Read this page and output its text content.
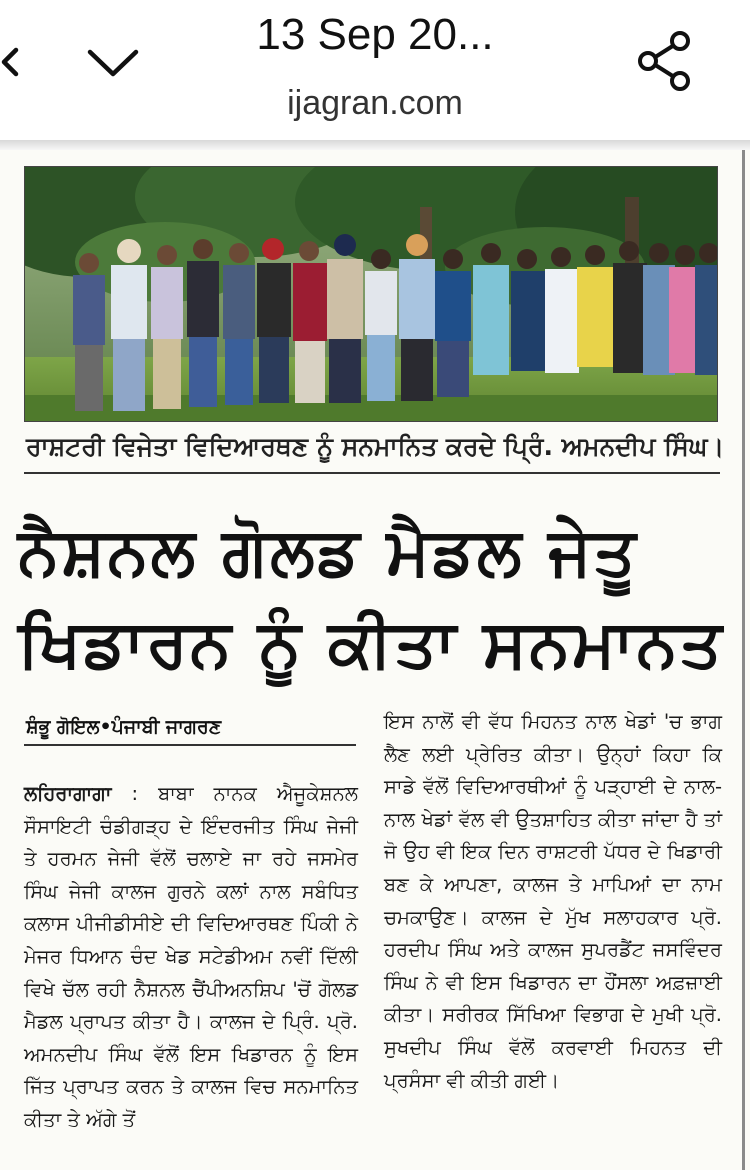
13 Sep 20...
ijagran.com
ਰਾਸ਼ਟਰੀ ਵਿਜੇਤਾ ਵਿਦਿਆਰਥਣ ਨੂੰ ਸਨਮਾਨਿਤ ਕਰਦੇ ਪ੍ਰਿੰ. ਅਮਨਦੀਪ ਸਿੰਘ।
ਨੈਸ਼ਨਲ ਗੋਲਡ ਮੈਡਲ ਜੇਤੂ
ਖਿਡਾਰਨ ਨੂੰ ਕੀਤਾ ਸਨਮਾਨਤ
ਸ਼ੰਭੂ ਗੋਇਲ•ਪੰਜਾਬੀ ਜਾਗਰਣ

ਲਹਿਰਾਗਾਗਾ : ਬਾਬਾ ਨਾਨਕ ਐਜੂਕੇਸ਼ਨਲ ਸੌਸਾਇਟੀ ਚੰਡੀਗੜ੍ਹ ਦੇ ਇੰਦਰਜੀਤ ਸਿੰਘ ਜੇਜੀ ਤੇ ਹਰਮਨ ਜੇਜੀ ਵੱਲੋਂ ਚਲਾਏ ਜਾ ਰਹੇ ਜਸਮੇਰ ਸਿੰਘ ਜੇਜੀ ਕਾਲਜ ਗੁਰਨੇ ਕਲਾਂ ਨਾਲ ਸਬੰਧਿਤ ਕਲਾਸ ਪੀਜੀਡੀਸੀਏ ਦੀ ਵਿਦਿਆਰਥਣ ਪਿੰਕੀ ਨੇ ਮੇਜਰ ਧਿਆਨ ਚੰਦ ਖੇਡ ਸਟੇਡੀਅਮ ਨਵੀਂ ਦਿੱਲੀ ਵਿਖੇ ਚੱਲ ਰਹੀ ਨੈਸ਼ਨਲ ਚੈਂਪੀਅਨਸ਼ਿਪ 'ਚੋਂ ਗੋਲਡ ਮੈਡਲ ਪ੍ਰਾਪਤ ਕੀਤਾ ਹੈ। ਕਾਲਜ ਦੇ ਪ੍ਰਿੰ. ਪ੍ਰੋ. ਅਮਨਦੀਪ ਸਿੰਘ ਵੱਲੋਂ ਇਸ ਖਿਡਾਰਨ ਨੂੰ ਇਸ ਜਿੱਤ ਪ੍ਰਾਪਤ ਕਰਨ ਤੇ ਕਾਲਜ ਵਿਚ ਸਨਮਾਨਿਤ ਕੀਤਾ ਤੇ ਅੱਗੇ ਤੋਂ

ਇਸ ਨਾਲੋਂ ਵੀ ਵੱਧ ਮਿਹਨਤ ਨਾਲ ਖੇਡਾਂ 'ਚ ਭਾਗ ਲੈਣ ਲਈ ਪ੍ਰੇਰਿਤ ਕੀਤਾ। ਉਨ੍ਹਾਂ ਕਿਹਾ ਕਿ ਸਾਡੇ ਵੱਲੋਂ ਵਿਦਿਆਰਥੀਆਂ ਨੂੰ ਪੜ੍ਹਾਈ ਦੇ ਨਾਲ-ਨਾਲ ਖੇਡਾਂ ਵੱਲ ਵੀ ਉਤਸ਼ਾਹਿਤ ਕੀਤਾ ਜਾਂਦਾ ਹੈ ਤਾਂ ਜੋ ਉਹ ਵੀ ਇਕ ਦਿਨ ਰਾਸ਼ਟਰੀ ਪੱਧਰ ਦੇ ਖਿਡਾਰੀ ਬਣ ਕੇ ਆਪਣਾ, ਕਾਲਜ ਤੇ ਮਾਪਿਆਂ ਦਾ ਨਾਮ ਚਮਕਾਉਣ। ਕਾਲਜ ਦੇ ਮੁੱਖ ਸਲਾਹਕਾਰ ਪ੍ਰੋ. ਹਰਦੀਪ ਸਿੰਘ ਅਤੇ ਕਾਲਜ ਸੁਪਰਡੈਂਟ ਜਸਵਿੰਦਰ ਸਿੰਘ ਨੇ ਵੀ ਇਸ ਖਿਡਾਰਨ ਦਾ ਹੌਂਸਲਾ ਅਫ਼ਜ਼ਾਈ ਕੀਤਾ। ਸਰੀਰਕ ਸਿੱਖਿਆ ਵਿਭਾਗ ਦੇ ਮੁਖੀ ਪ੍ਰੋ. ਸੁਖਦੀਪ ਸਿੰਘ ਵੱਲੋਂ ਕਰਵਾਈ ਮਿਹਨਤ ਦੀ ਪ੍ਰਸੰਸਾ ਵੀ ਕੀਤੀ ਗਈ।
